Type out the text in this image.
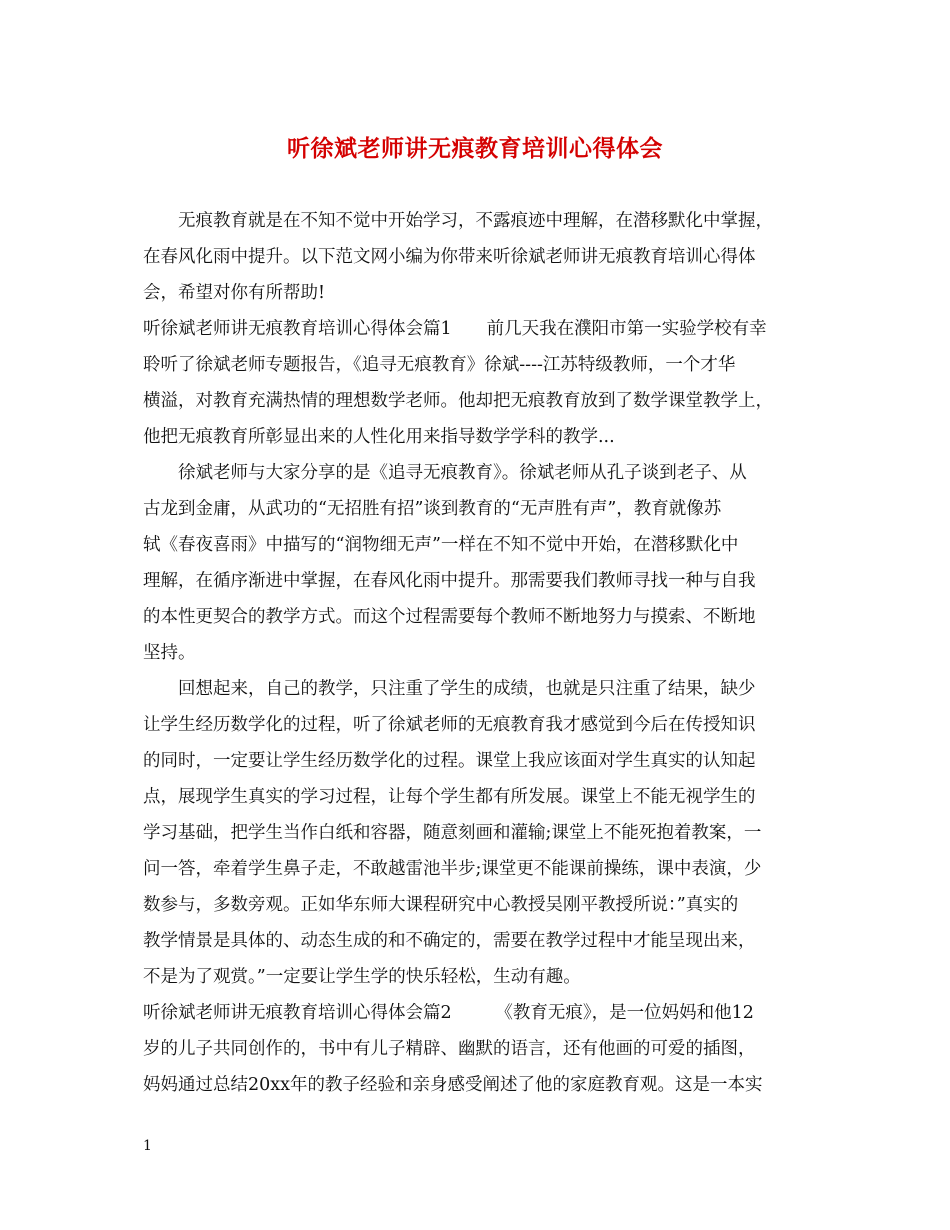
听徐斌老师讲无痕教育培训心得体会
无痕教育就是在不知不觉中开始学习，不露痕迹中理解，在潜移默化中掌握，
在春风化雨中提升。以下范文网小编为你带来听徐斌老师讲无痕教育培训心得体
会，希望对你有所帮助!
听徐斌老师讲无痕教育培训心得体会篇1　　前几天我在濮阳市第一实验学校有幸
聆听了徐斌老师专题报告，《追寻无痕教育》徐斌----江苏特级教师，一个才华
横溢，对教育充满热情的理想数学老师。他却把无痕教育放到了数学课堂教学上，
他把无痕教育所彰显出来的人性化用来指导数学学科的教学...
徐斌老师与大家分享的是《追寻无痕教育》。徐斌老师从孔子谈到老子、从
古龙到金庸，从武功的“无招胜有招”谈到教育的“无声胜有声”，教育就像苏
轼《春夜喜雨》中描写的“润物细无声”一样在不知不觉中开始，在潜移默化中
理解，在循序渐进中掌握，在春风化雨中提升。那需要我们教师寻找一种与自我
的本性更契合的教学方式。而这个过程需要每个教师不断地努力与摸索、不断地
坚持。
回想起来，自己的教学，只注重了学生的成绩，也就是只注重了结果，缺少
让学生经历数学化的过程，听了徐斌老师的无痕教育我才感觉到今后在传授知识
的同时，一定要让学生经历数学化的过程。课堂上我应该面对学生真实的认知起
点，展现学生真实的学习过程，让每个学生都有所发展。课堂上不能无视学生的
学习基础，把学生当作白纸和容器，随意刻画和灌输;课堂上不能死抱着教案，一
问一答，牵着学生鼻子走，不敢越雷池半步;课堂更不能课前操练，课中表演，少
数参与，多数旁观。正如华东师大课程研究中心教授吴刚平教授所说：”真实的
教学情景是具体的、动态生成的和不确定的，需要在教学过程中才能呈现出来，
不是为了观赏。”一定要让学生学的快乐轻松，生动有趣。
听徐斌老师讲无痕教育培训心得体会篇2　　　《教育无痕》，是一位妈妈和他12
岁的儿子共同创作的，书中有儿子精辟、幽默的语言，还有他画的可爱的插图，
妈妈通过总结20xx年的教子经验和亲身感受阐述了他的家庭教育观。这是一本实
1
